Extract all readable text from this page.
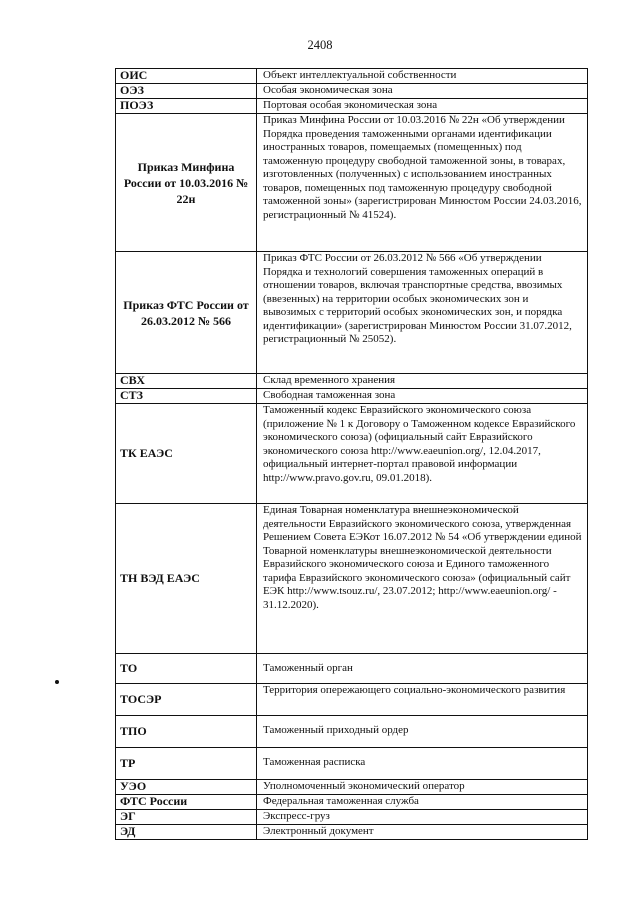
2408
ОИС	Объект интеллектуальной собственности
ОЭЗ	Особая экономическая зона
ПОЭЗ	Портовая особая экономическая зона
Приказ Минфина России от 10.03.2016 № 22н	Приказ Минфина России от 10.03.2016 № 22н «Об утверждении Порядка проведения таможенными органами идентификации иностранных товаров, помещаемых (помещенных) под таможенную процедуру свободной таможенной зоны, в товарах, изготовленных (полученных) с использованием иностранных товаров, помещенных под таможенную процедуру свободной таможенной зоны» (зарегистрирован Минюстом России 24.03.2016, регистрационный № 41524).
Приказ ФТС России от 26.03.2012 № 566	Приказ ФТС России от 26.03.2012 № 566 «Об утверждении Порядка и технологий совершения таможенных операций в отношении товаров, включая транспортные средства, ввозимых (ввезенных) на территории особых экономических зон и вывозимых с территорий особых экономических зон, и порядка идентификации» (зарегистрирован Минюстом России 31.07.2012, регистрационный № 25052).
СВХ	Склад временного хранения
СТЗ	Свободная таможенная зона
ТК ЕАЭС	Таможенный кодекс Евразийского экономического союза (приложение № 1 к Договору о Таможенном кодексе Евразийского экономического союза) (официальный сайт Евразийского экономического союза http://www.eaeunion.org/, 12.04.2017, официальный интернет-портал правовой информации http://www.pravo.gov.ru, 09.01.2018).
ТН ВЭД ЕАЭС	Единая Товарная номенклатура внешнеэкономической деятельности Евразийского экономического союза, утвержденная Решением Совета ЕЭКот 16.07.2012 № 54 «Об утверждении единой Товарной номенклатуры внешнеэкономической деятельности Евразийского экономического союза и Единого таможенного тарифа Евразийского экономического союза» (официальный сайт ЕЭК http://www.tsouz.ru/, 23.07.2012; http://www.eaeunion.org/ - 31.12.2020).
ТО	Таможенный орган
ТОСЭР	Территория опережающего социально-экономического развития
ТПО	Таможенный приходный ордер
ТР	Таможенная расписка
УЭО	Уполномоченный экономический оператор
ФТС России	Федеральная таможенная служба
ЭГ	Экспресс-груз
ЭД	Электронный документ
